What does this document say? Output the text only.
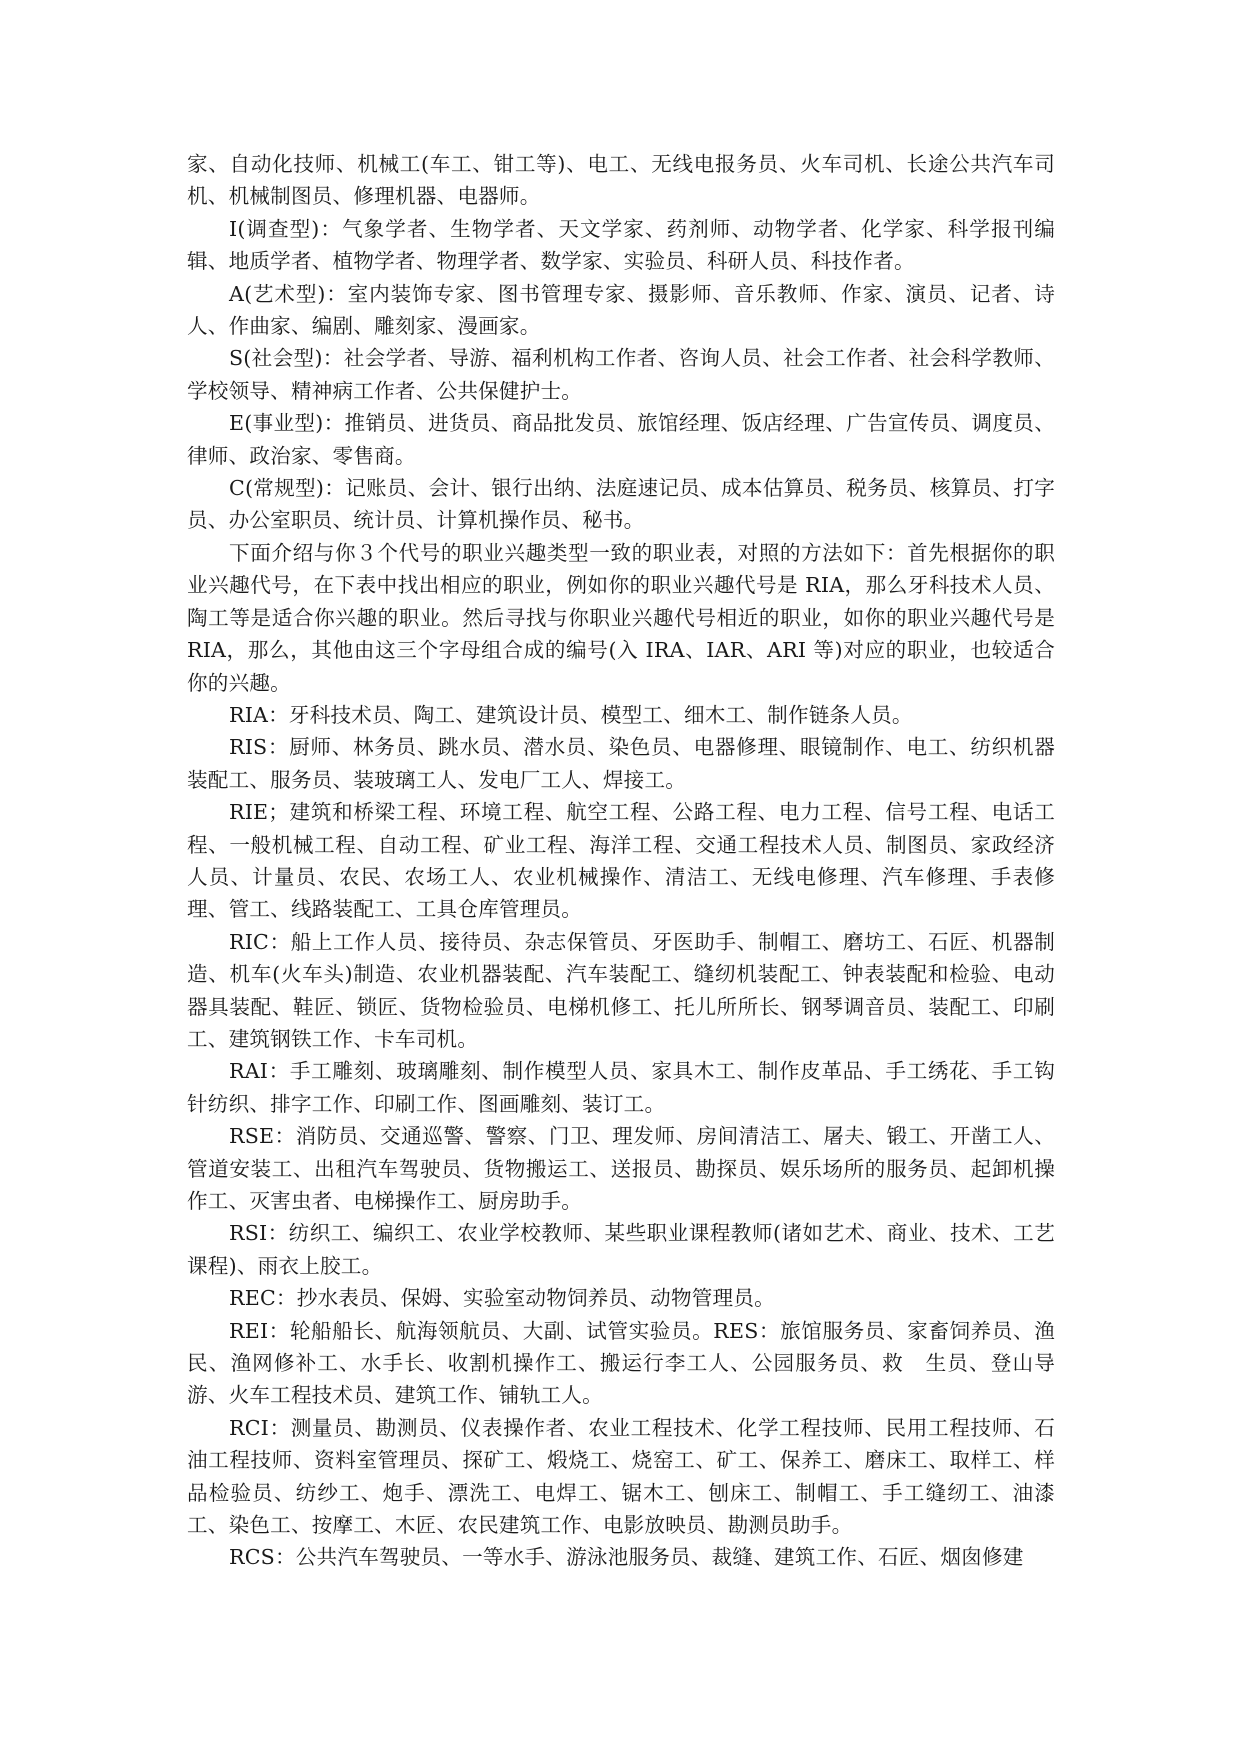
家、自动化技师、机械工(车工、钳工等)、电工、无线电报务员、火车司机、长途公共汽车司机、机械制图员、修理机器、电器师。

I(调查型)：气象学者、生物学者、天文学家、药剂师、动物学者、化学家、科学报刊编辑、地质学者、植物学者、物理学者、数学家、实验员、科研人员、科技作者。

A(艺术型)：室内装饰专家、图书管理专家、摄影师、音乐教师、作家、演员、记者、诗人、作曲家、编剧、雕刻家、漫画家。

S(社会型)：社会学者、导游、福利机构工作者、咨询人员、社会工作者、社会科学教师、学校领导、精神病工作者、公共保健护士。

E(事业型)：推销员、进货员、商品批发员、旅馆经理、饭店经理、广告宣传员、调度员、律师、政治家、零售商。

C(常规型)：记账员、会计、银行出纳、法庭速记员、成本估算员、税务员、核算员、打字员、办公室职员、统计员、计算机操作员、秘书。

下面介绍与你３个代号的职业兴趣类型一致的职业表，对照的方法如下：首先根据你的职业兴趣代号，在下表中找出相应的职业，例如你的职业兴趣代号是 RIA，那么牙科技术人员、陶工等是适合你兴趣的职业。然后寻找与你职业兴趣代号相近的职业，如你的职业兴趣代号是 RIA，那么，其他由这三个字母组合成的编号(入 IRA、IAR、ARI 等)对应的职业，也较适合你的兴趣。

RIA：牙科技术员、陶工、建筑设计员、模型工、细木工、制作链条人员。

RIS：厨师、林务员、跳水员、潜水员、染色员、电器修理、眼镜制作、电工、纺织机器装配工、服务员、装玻璃工人、发电厂工人、焊接工。

RIE；建筑和桥梁工程、环境工程、航空工程、公路工程、电力工程、信号工程、电话工程、一般机械工程、自动工程、矿业工程、海洋工程、交通工程技术人员、制图员、家政经济人员、计量员、农民、农场工人、农业机械操作、清洁工、无线电修理、汽车修理、手表修理、管工、线路装配工、工具仓库管理员。

RIC：船上工作人员、接待员、杂志保管员、牙医助手、制帽工、磨坊工、石匠、机器制造、机车(火车头)制造、农业机器装配、汽车装配工、缝纫机装配工、钟表装配和检验、电动器具装配、鞋匠、锁匠、货物检验员、电梯机修工、托儿所所长、钢琴调音员、装配工、印刷工、建筑钢铁工作、卡车司机。

RAI：手工雕刻、玻璃雕刻、制作模型人员、家具木工、制作皮革品、手工绣花、手工钩针纺织、排字工作、印刷工作、图画雕刻、装订工。

RSE：消防员、交通巡警、警察、门卫、理发师、房间清洁工、屠夫、锻工、开凿工人、管道安装工、出租汽车驾驶员、货物搬运工、送报员、勘探员、娱乐场所的服务员、起卸机操作工、灭害虫者、电梯操作工、厨房助手。

RSI：纺织工、编织工、农业学校教师、某些职业课程教师(诸如艺术、商业、技术、工艺课程)、雨衣上胶工。

REC：抄水表员、保姆、实验室动物饲养员、动物管理员。

REI：轮船船长、航海领航员、大副、试管实验员。RES：旅馆服务员、家畜饲养员、渔民、渔网修补工、水手长、收割机操作工、搬运行李工人、公园服务员、救　生员、登山导游、火车工程技术员、建筑工作、铺轨工人。

RCI：测量员、勘测员、仪表操作者、农业工程技术、化学工程技师、民用工程技师、石油工程技师、资料室管理员、探矿工、煅烧工、烧窑工、矿工、保养工、磨床工、取样工、样品检验员、纺纱工、炮手、漂洗工、电焊工、锯木工、刨床工、制帽工、手工缝纫工、油漆工、染色工、按摩工、木匠、农民建筑工作、电影放映员、勘测员助手。

RCS：公共汽车驾驶员、一等水手、游泳池服务员、裁缝、建筑工作、石匠、烟囱修建
